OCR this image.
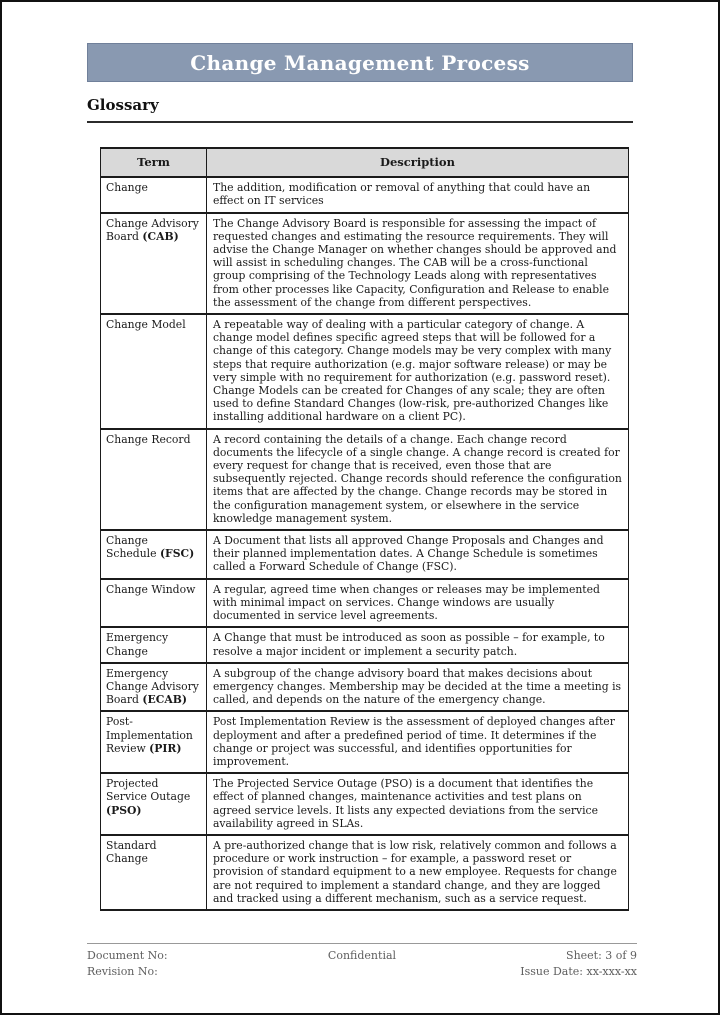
Change Management Process
Glossary
Term	Description
Change	The addition, modification or removal of anything that could have an effect on IT services
Change Advisory Board (CAB)	The Change Advisory Board is responsible for assessing the impact of requested changes and estimating the resource requirements. They will advise the Change Manager on whether changes should be approved and will assist in scheduling changes. The CAB will be a cross-functional group comprising of the Technology Leads along with representatives from other processes like Capacity, Configuration and Release to enable the assessment of the change from different perspectives.
Change Model	A repeatable way of dealing with a particular category of change. A change model defines specific agreed steps that will be followed for a change of this category. Change models may be very complex with many steps that require authorization (e.g. major software release) or may be very simple with no requirement for authorization (e.g. password reset). Change Models can be created for Changes of any scale; they are often used to define Standard Changes (low-risk, pre-authorized Changes like installing additional hardware on a client PC).
Change Record	A record containing the details of a change. Each change record documents the lifecycle of a single change. A change record is created for every request for change that is received, even those that are subsequently rejected. Change records should reference the configuration items that are affected by the change. Change records may be stored in the configuration management system, or elsewhere in the service knowledge management system.
Change Schedule (FSC)	A Document that lists all approved Change Proposals and Changes and their planned implementation dates. A Change Schedule is sometimes called a Forward Schedule of Change (FSC).
Change Window	A regular, agreed time when changes or releases may be implemented with minimal impact on services. Change windows are usually documented in service level agreements.
Emergency Change	A Change that must be introduced as soon as possible – for example, to resolve a major incident or implement a security patch.
Emergency Change Advisory Board (ECAB)	A subgroup of the change advisory board that makes decisions about emergency changes. Membership may be decided at the time a meeting is called, and depends on the nature of the emergency change.
Post-Implementation Review (PIR)	Post Implementation Review is the assessment of deployed changes after deployment and after a predefined period of time. It determines if the change or project was successful, and identifies opportunities for improvement.
Projected Service Outage (PSO)	The Projected Service Outage (PSO) is a document that identifies the effect of planned changes, maintenance activities and test plans on agreed service levels. It lists any expected deviations from the service availability agreed in SLAs.
Standard Change	A pre-authorized change that is low risk, relatively common and follows a procedure or work instruction – for example, a password reset or provision of standard equipment to a new employee. Requests for change are not required to implement a standard change, and they are logged and tracked using a different mechanism, such as a service request.
Document No:
Revision No:
Confidential	Sheet: 3 of 9
Issue Date: xx-xxx-xx
